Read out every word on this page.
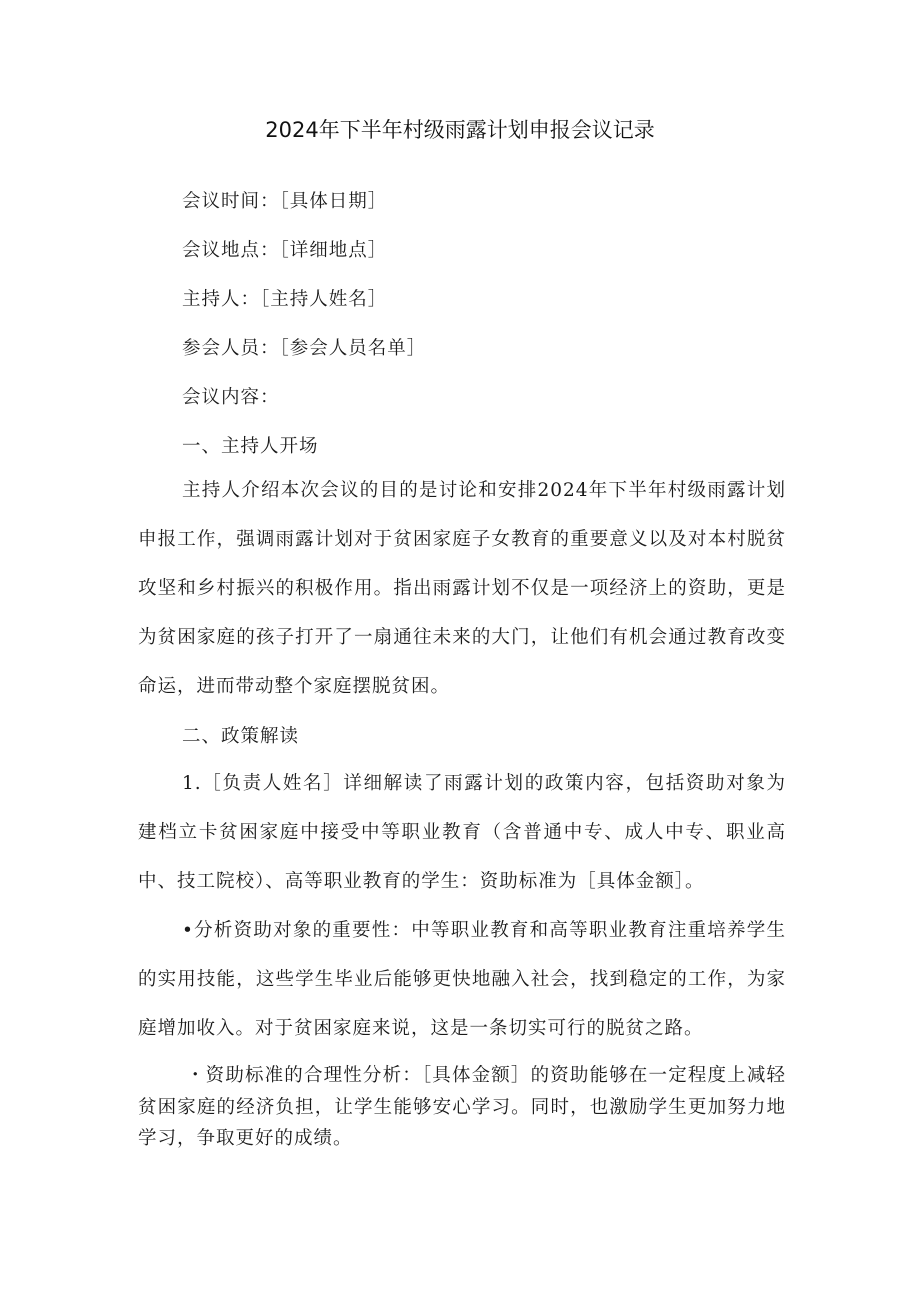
2024年下半年村级雨露计划申报会议记录
会议时间：［具体日期］
会议地点：［详细地点］
主持人：［主持人姓名］
参会人员：［参会人员名单］
会议内容：
一、主持人开场
主持人介绍本次会议的目的是讨论和安排2024年下半年村级雨露计划申报工作，强调雨露计划对于贫困家庭子女教育的重要意义以及对本村脱贫攻坚和乡村振兴的积极作用。指出雨露计划不仅是一项经济上的资助，更是为贫困家庭的孩子打开了一扇通往未来的大门，让他们有机会通过教育改变命运，进而带动整个家庭摆脱贫困。
二、政策解读
1.［负责人姓名］详细解读了雨露计划的政策内容，包括资助对象为建档立卡贫困家庭中接受中等职业教育（含普通中专、成人中专、职业高中、技工院校）、高等职业教育的学生：资助标准为［具体金额］。
•分析资助对象的重要性：中等职业教育和高等职业教育注重培养学生的实用技能，这些学生毕业后能够更快地融入社会，找到稳定的工作，为家庭增加收入。对于贫困家庭来说，这是一条切实可行的脱贫之路。
・资助标准的合理性分析：［具体金额］的资助能够在一定程度上减轻贫困家庭的经济负担，让学生能够安心学习。同时，也激励学生更加努力地学习，争取更好的成绩。
